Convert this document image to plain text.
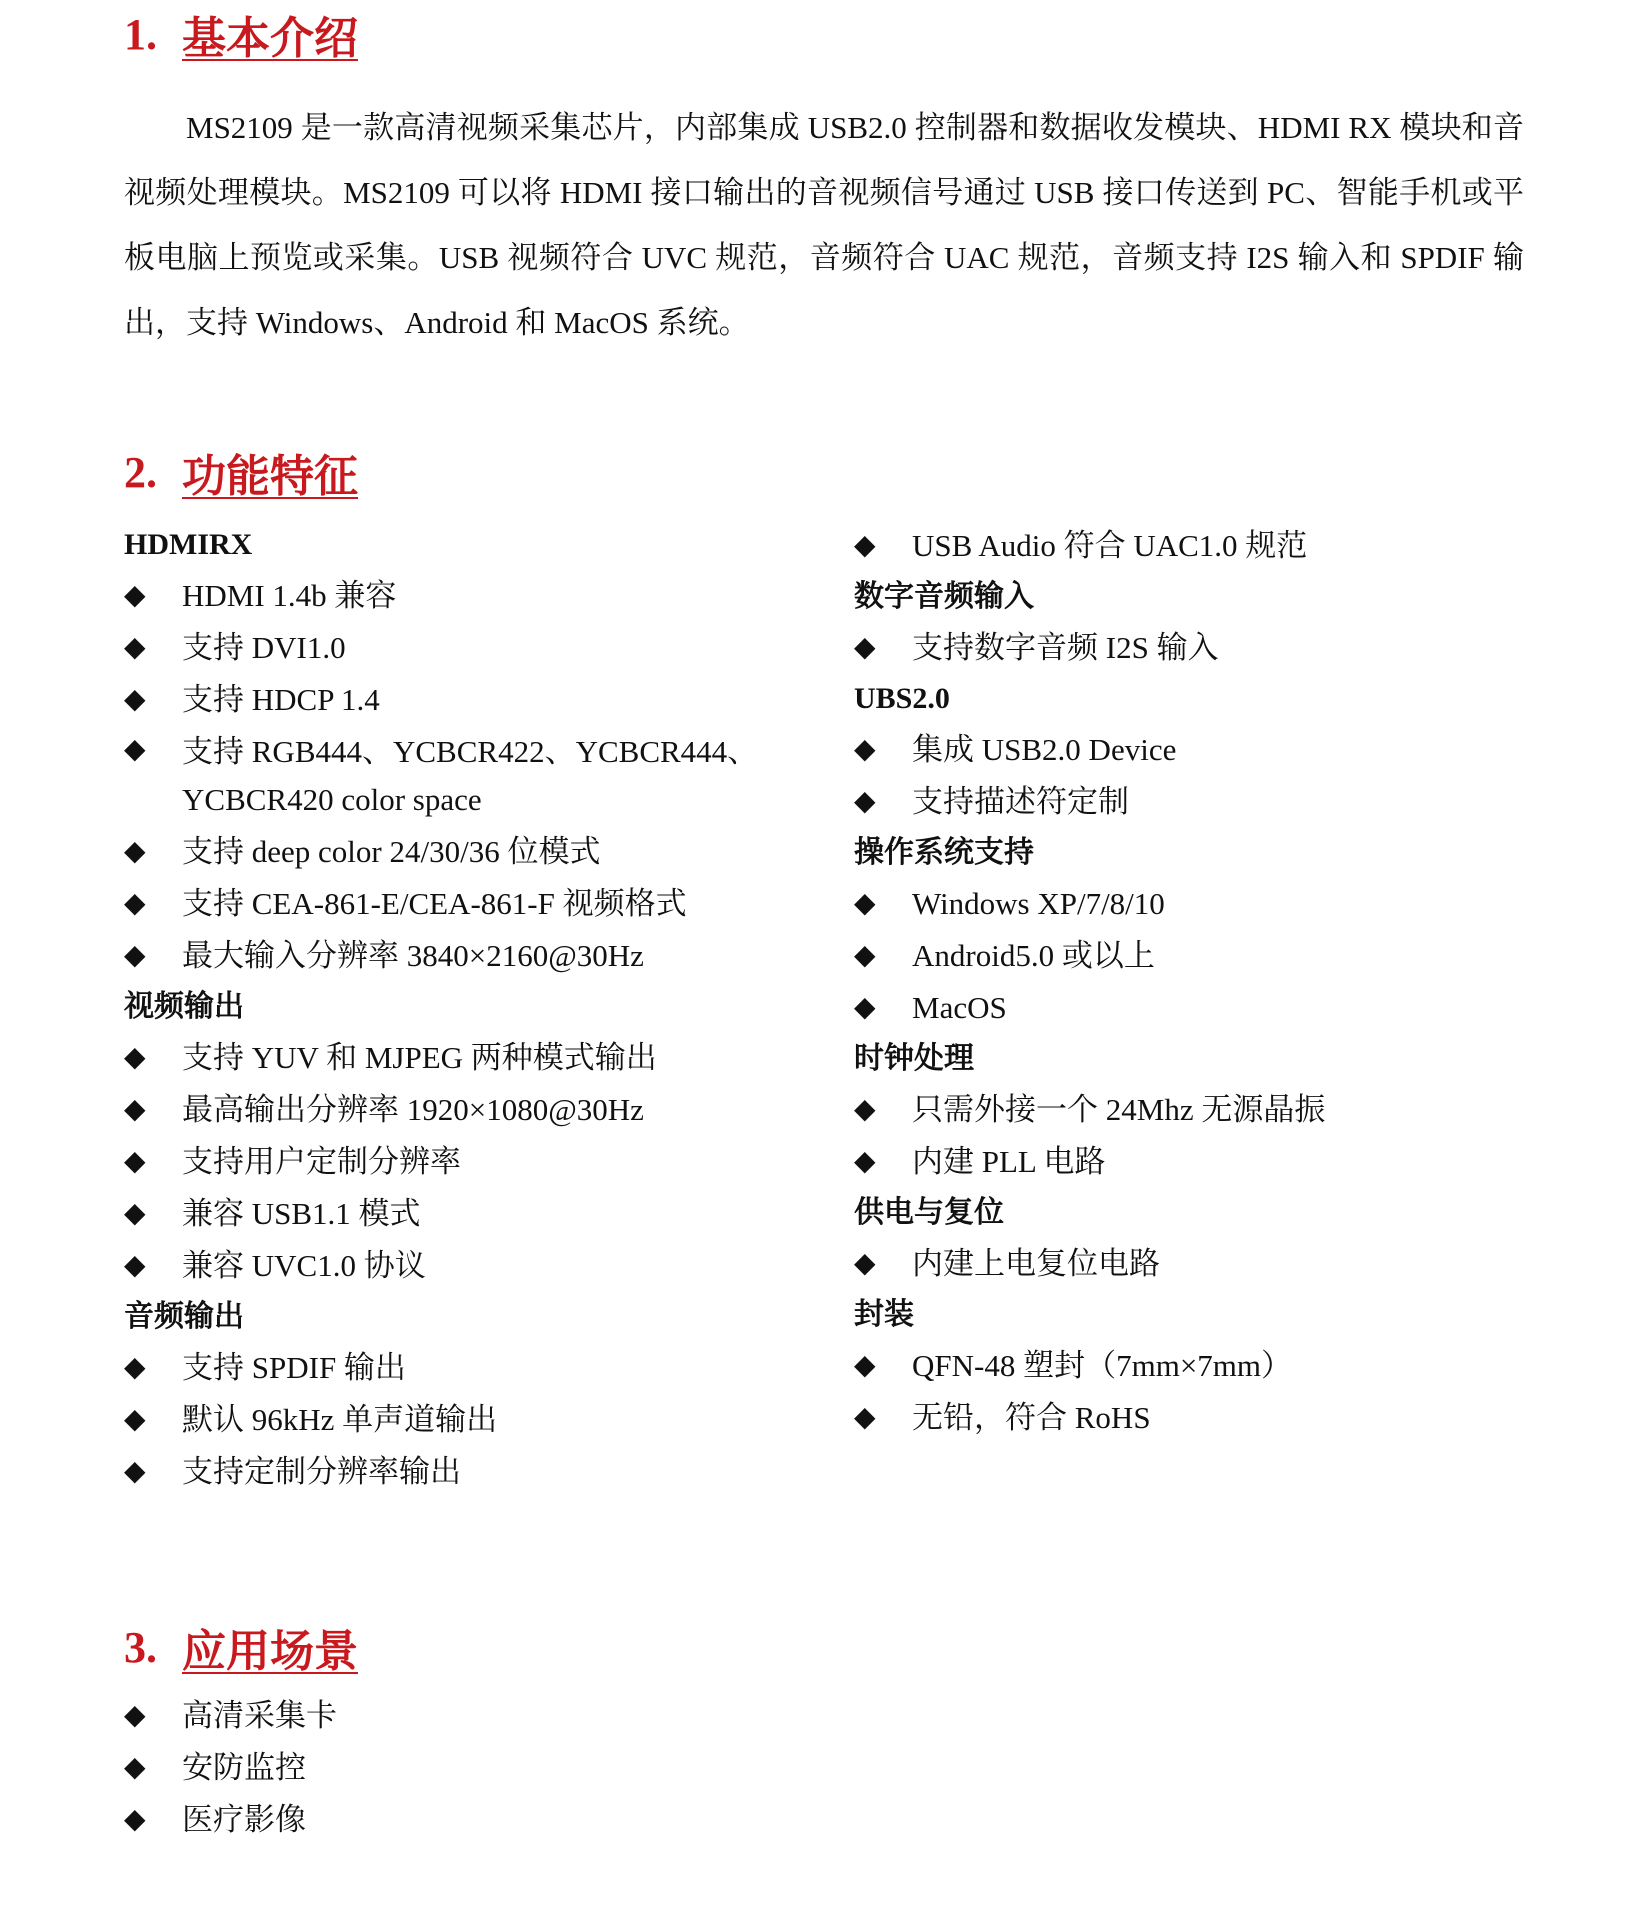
1. 基本介绍

MS2109 是一款高清视频采集芯片，内部集成 USB2.0 控制器和数据收发模块、HDMI RX 模块和音视频处理模块。MS2109 可以将 HDMI 接口输出的音视频信号通过 USB 接口传送到 PC、智能手机或平板电脑上预览或采集。USB 视频符合 UVC 规范，音频符合 UAC 规范，音频支持 I2S 输入和 SPDIF 输出，支持 Windows、Android 和 MacOS 系统。

2. 功能特征
HDMIRX
◆	HDMI 1.4b 兼容
◆	支持 DVI1.0
◆	支持 HDCP 1.4
◆	支持 RGB444、YCBCR422、YCBCR444、YCBCR420 color space
◆	支持 deep color 24/30/36 位模式
◆	支持 CEA-861-E/CEA-861-F 视频格式
◆	最大输入分辨率 3840×2160@30Hz
视频输出
◆	支持 YUV 和 MJPEG 两种模式输出
◆	最高输出分辨率 1920×1080@30Hz
◆	支持用户定制分辨率
◆	兼容 USB1.1 模式
◆	兼容 UVC1.0 协议
音频输出
◆	支持 SPDIF 输出
◆	默认 96kHz 单声道输出
◆	支持定制分辨率输出
◆	USB Audio 符合 UAC1.0 规范
数字音频输入
◆	支持数字音频 I2S 输入
UBS2.0
◆	集成 USB2.0 Device
◆	支持描述符定制
操作系统支持
◆	Windows XP/7/8/10
◆	Android5.0 或以上
◆	MacOS
时钟处理
◆	只需外接一个 24Mhz 无源晶振
◆	内建 PLL 电路
供电与复位
◆	内建上电复位电路
封装
◆	QFN-48 塑封（7mm×7mm）
◆	无铅，符合 RoHS
3. 应用场景
◆	高清采集卡
◆	安防监控
◆	医疗影像
